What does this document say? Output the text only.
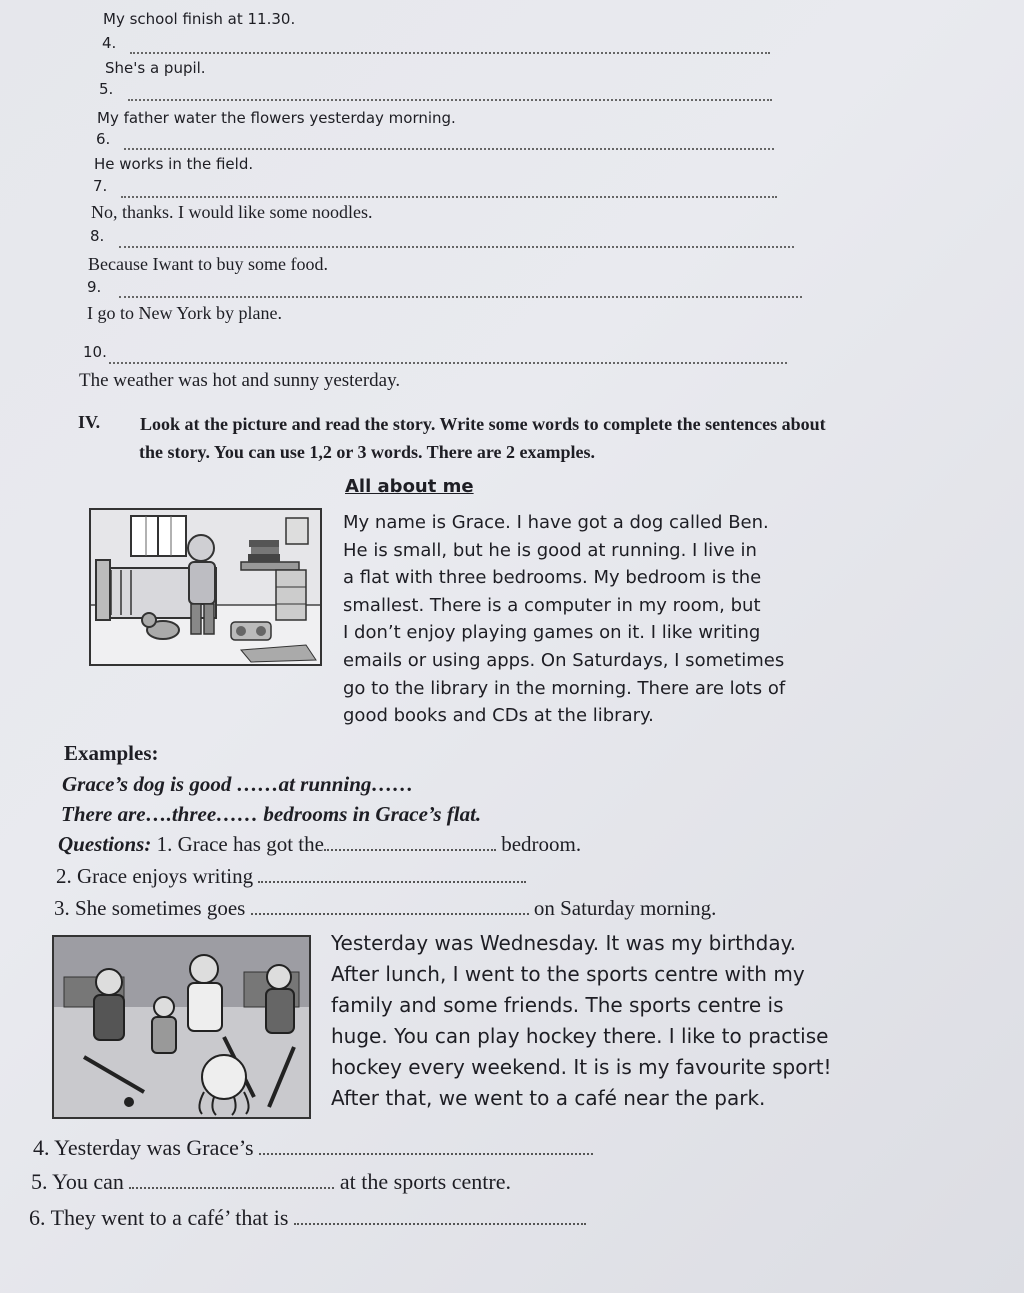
My school finish at 11.30.
4.
She's a pupil.
5.
My father water the flowers yesterday morning.
6.
He works in the field.
7.
No, thanks. I would like some noodles.
8.
Because Iwant to buy some food.
9.
I go to New York by plane.
10.
The weather was hot and sunny yesterday.
IV. Look at the picture and read the story. Write some words to complete the sentences about
the story. You can use 1,2 or 3 words. There are 2 examples.
All about me
My name is Grace. I have got a dog called Ben.
He is small, but he is good at running. I live in
a flat with three bedrooms. My bedroom is the
smallest. There is a computer in my room, but
I don’t enjoy playing games on it. I like writing
emails or using apps. On Saturdays, I sometimes
go to the library in the morning. There are lots of
good books and CDs at the library.
Examples:
Grace’s dog is good ……at running……
There are….three…… bedrooms in Grace’s flat.
Questions: 1. Grace has got the	bedroom.
2. Grace enjoys writing
3. She sometimes goes	on Saturday morning.
Yesterday was Wednesday. It was my birthday.
After lunch, I went to the sports centre with my
family and some friends. The sports centre is
huge. You can play hockey there. I like to practise
hockey every weekend. It is is my favourite sport!
After that, we went to a café near the park.
4. Yesterday was Grace’s
5. You can	at the sports centre.
6. They went to a café’ that is
